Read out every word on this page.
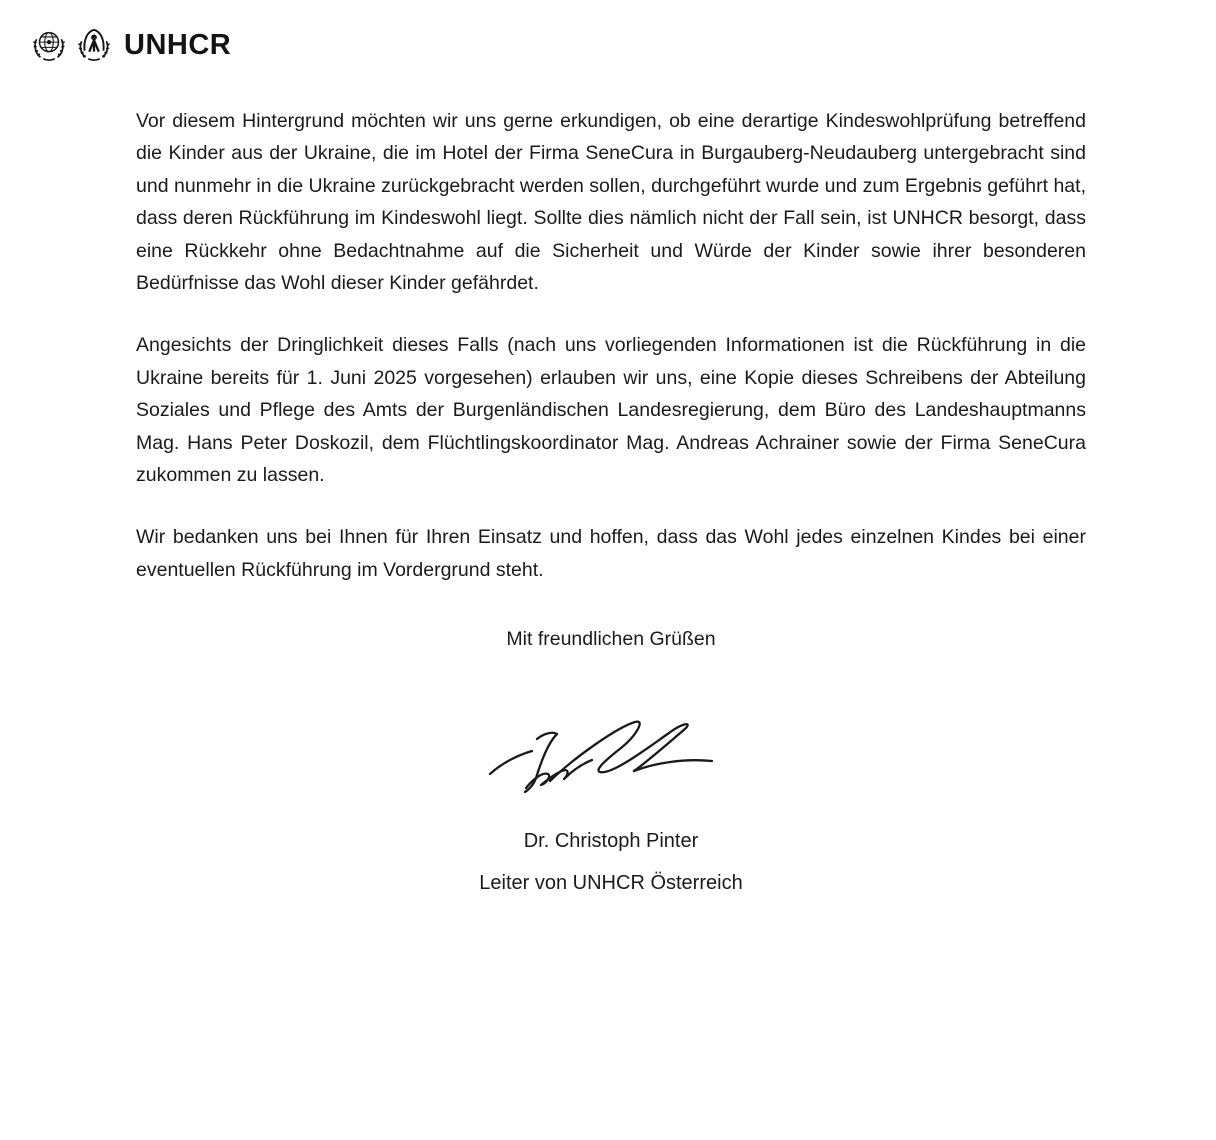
UNHCR

Vor diesem Hintergrund möchten wir uns gerne erkundigen, ob eine derartige Kindeswohlprüfung betreffend die Kinder aus der Ukraine, die im Hotel der Firma SeneCura in Burgauberg-Neudauberg untergebracht sind und nunmehr in die Ukraine zurückgebracht werden sollen, durchgeführt wurde und zum Ergebnis geführt hat, dass deren Rückführung im Kindeswohl liegt. Sollte dies nämlich nicht der Fall sein, ist UNHCR besorgt, dass eine Rückkehr ohne Bedachtnahme auf die Sicherheit und Würde der Kinder sowie ihrer besonderen Bedürfnisse das Wohl dieser Kinder gefährdet.

Angesichts der Dringlichkeit dieses Falls (nach uns vorliegenden Informationen ist die Rückführung in die Ukraine bereits für 1. Juni 2025 vorgesehen) erlauben wir uns, eine Kopie dieses Schreibens der Abteilung Soziales und Pflege des Amts der Burgenländischen Landesregierung, dem Büro des Landeshauptmanns Mag. Hans Peter Doskozil, dem Flüchtlingskoordinator Mag. Andreas Achrainer sowie der Firma SeneCura zukommen zu lassen.

Wir bedanken uns bei Ihnen für Ihren Einsatz und hoffen, dass das Wohl jedes einzelnen Kindes bei einer eventuellen Rückführung im Vordergrund steht.

Mit freundlichen Grüßen

Dr. Christoph Pinter

Leiter von UNHCR Österreich
